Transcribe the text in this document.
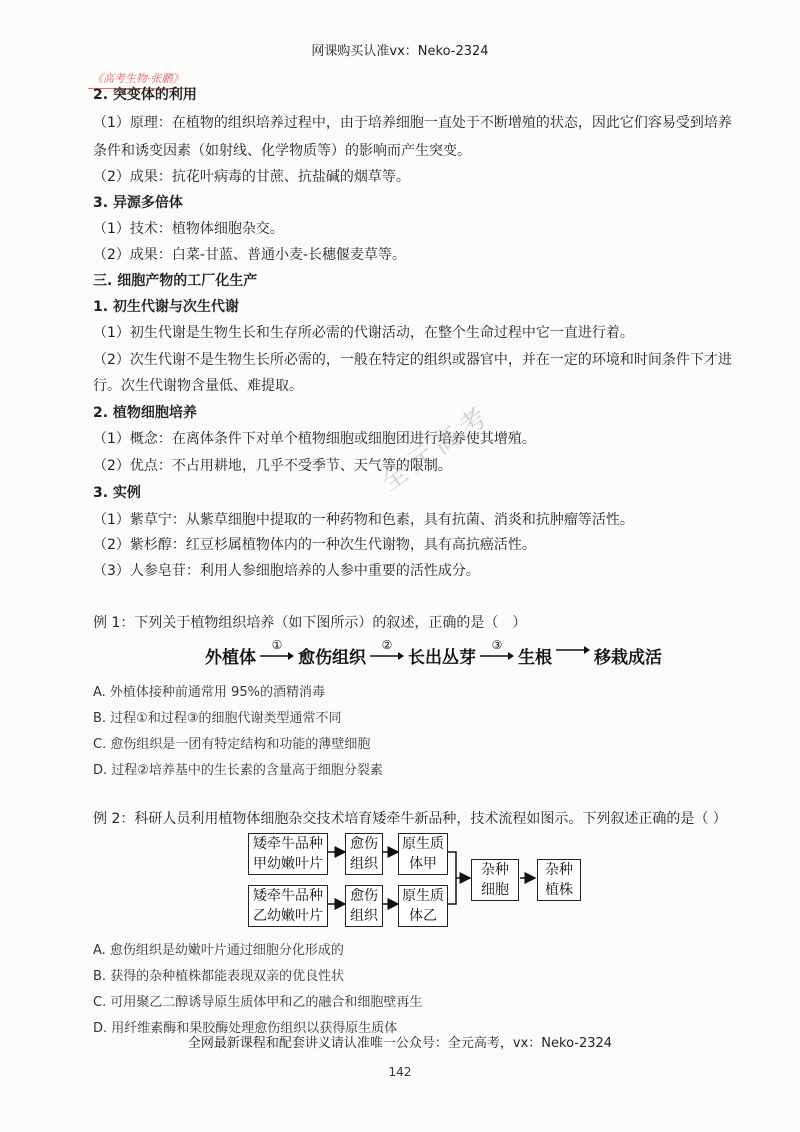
网课购买认准vx：Neko-2324
《高考生物·张鹏》
2. 突变体的利用
（1）原理：在植物的组织培养过程中，由于培养细胞一直处于不断增殖的状态，因此它们容易受到培养
条件和诱变因素（如射线、化学物质等）的影响而产生突变。
（2）成果：抗花叶病毒的甘蔗、抗盐碱的烟草等。
3. 异源多倍体
（1）技术：植物体细胞杂交。
（2）成果：白菜-甘蓝、普通小麦-长穗偃麦草等。
三. 细胞产物的工厂化生产
1. 初生代谢与次生代谢
（1）初生代谢是生物生长和生存所必需的代谢活动，在整个生命过程中它一直进行着。
（2）次生代谢不是生物生长所必需的，一般在特定的组织或器官中，并在一定的环境和时间条件下才进
行。次生代谢物含量低、难提取。
2. 植物细胞培养
（1）概念：在离体条件下对单个植物细胞或细胞团进行培养使其增殖。
（2）优点：不占用耕地，几乎不受季节、天气等的限制。
3. 实例
（1）紫草宁：从紫草细胞中提取的一种药物和色素，具有抗菌、消炎和抗肿瘤等活性。
（2）紫杉醇：红豆杉属植物体内的一种次生代谢物，具有高抗癌活性。
（3）人参皂苷：利用人参细胞培养的人参中重要的活性成分。
全元高考
例 1：下列关于植物组织培养（如下图所示）的叙述，正确的是（　）
外植体
①
愈伤组织
②
长出丛芽
③
生根 移栽成活
A. 外植体接种前通常用 95%的酒精消毒
B. 过程①和过程③的细胞代谢类型通常不同
C. 愈伤组织是一团有特定结构和功能的薄壁细胞
D. 过程②培养基中的生长素的含量高于细胞分裂素
例 2：科研人员利用植物体细胞杂交技术培育矮牵牛新品种，技术流程如图示。下列叙述正确的是（ ）
矮牵牛品种
甲幼嫩叶片
愈伤
组织
原生质
体甲
矮牵牛品种
乙幼嫩叶片
愈伤
组织
原生质
体乙
杂种
细胞
杂种
植株
A. 愈伤组织是幼嫩叶片通过细胞分化形成的
B. 获得的杂种植株都能表现双亲的优良性状
C. 可用聚乙二醇诱导原生质体甲和乙的融合和细胞壁再生
D. 用纤维素酶和果胶酶处理愈伤组织以获得原生质体
全网最新课程和配套讲义请认准唯一公众号：全元高考，vx：Neko-2324
142
